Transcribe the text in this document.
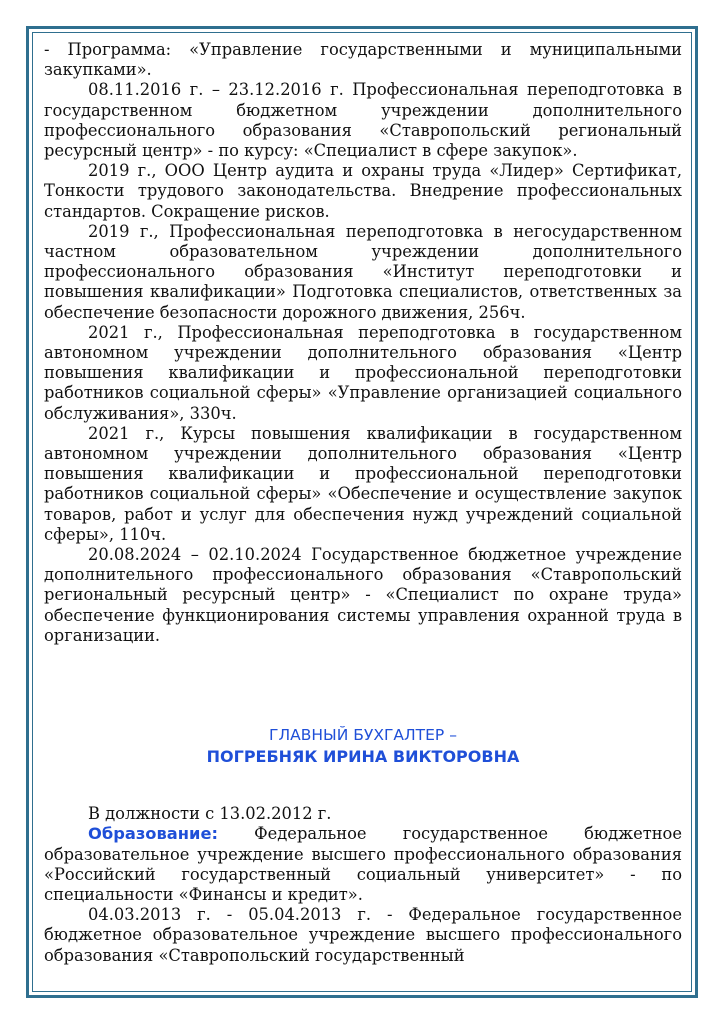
- Программа: «Управление государственными и муниципальными закупками».

08.11.2016 г. – 23.12.2016 г. Профессиональная переподготовка в государственном бюджетном учреждении дополнительного профессионального образования «Ставропольский региональный ресурсный центр» - по курсу: «Специалист в сфере закупок».

2019 г., ООО Центр аудита и охраны труда «Лидер» Сертификат, Тонкости трудового законодательства. Внедрение профессиональных стандартов. Сокращение рисков.

2019 г., Профессиональная переподготовка в негосударственном частном образовательном учреждении дополнительного профессионального образования «Институт переподготовки и повышения квалификации» Подготовка специалистов, ответственных за обеспечение безопасности дорожного движения, 256ч.

2021 г., Профессиональная переподготовка в государственном автономном учреждении дополнительного образования «Центр повышения квалификации и профессиональной переподготовки работников социальной сферы» «Управление организацией социального обслуживания», 330ч.

2021 г., Курсы повышения квалификации в государственном автономном учреждении дополнительного образования «Центр повышения квалификации и профессиональной переподготовки работников социальной сферы» «Обеспечение и осуществление закупок товаров, работ и услуг для обеспечения нужд учреждений социальной сферы», 110ч.

20.08.2024 – 02.10.2024 Государственное бюджетное учреждение дополнительного профессионального образования «Ставропольский региональный ресурсный центр» - «Специалист по охране труда» обеспечение функционирования системы управления охранной труда в организации.

ГЛАВНЫЙ БУХГАЛТЕР –
ПОГРЕБНЯК ИРИНА ВИКТОРОВНА

В должности с 13.02.2012 г.

Образование: Федеральное государственное бюджетное образовательное учреждение высшего профессионального образования «Российский государственный социальный университет» - по специальности «Финансы и кредит».

04.03.2013 г. - 05.04.2013 г. - Федеральное государственное бюджетное образовательное учреждение высшего профессионального образования «Ставропольский государственный
